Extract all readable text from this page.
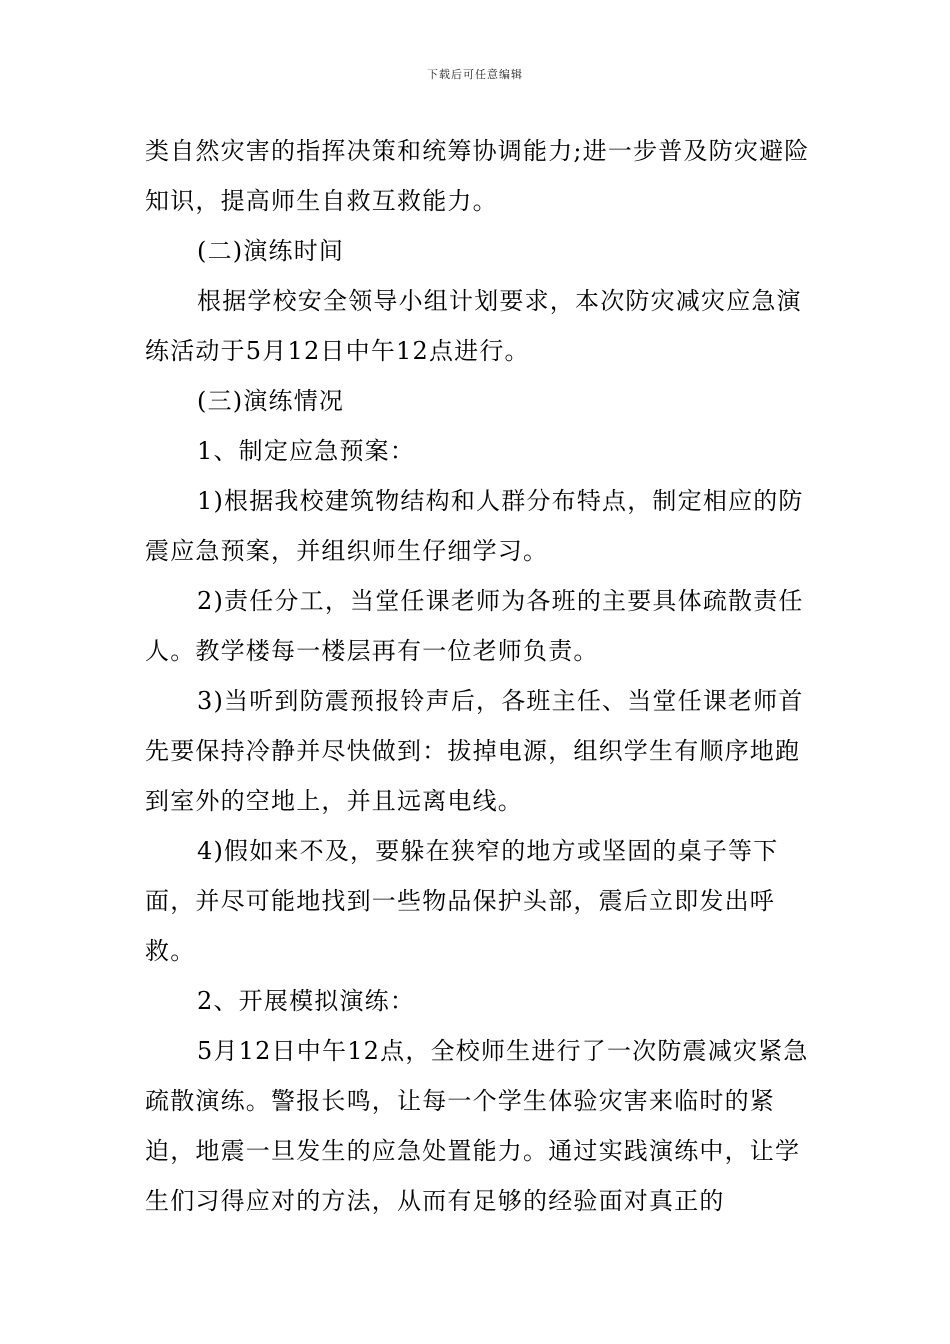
下载后可任意编辑

类自然灾害的指挥决策和统筹协调能力;进一步普及防灾避险知识，提高师生自救互救能力。

(二)演练时间

根据学校安全领导小组计划要求，本次防灾减灾应急演练活动于5月12日中午12点进行。

(三)演练情况

1、制定应急预案：

1)根据我校建筑物结构和人群分布特点，制定相应的防震应急预案，并组织师生仔细学习。

2)责任分工，当堂任课老师为各班的主要具体疏散责任人。教学楼每一楼层再有一位老师负责。

3)当听到防震预报铃声后，各班主任、当堂任课老师首先要保持冷静并尽快做到：拔掉电源，组织学生有顺序地跑到室外的空地上，并且远离电线。

4)假如来不及，要躲在狭窄的地方或坚固的桌子等下面，并尽可能地找到一些物品保护头部，震后立即发出呼救。

2、开展模拟演练：

5月12日中午12点，全校师生进行了一次防震减灾紧急疏散演练。警报长鸣，让每一个学生体验灾害来临时的紧迫，地震一旦发生的应急处置能力。通过实践演练中，让学生们习得应对的方法，从而有足够的经验面对真正的
